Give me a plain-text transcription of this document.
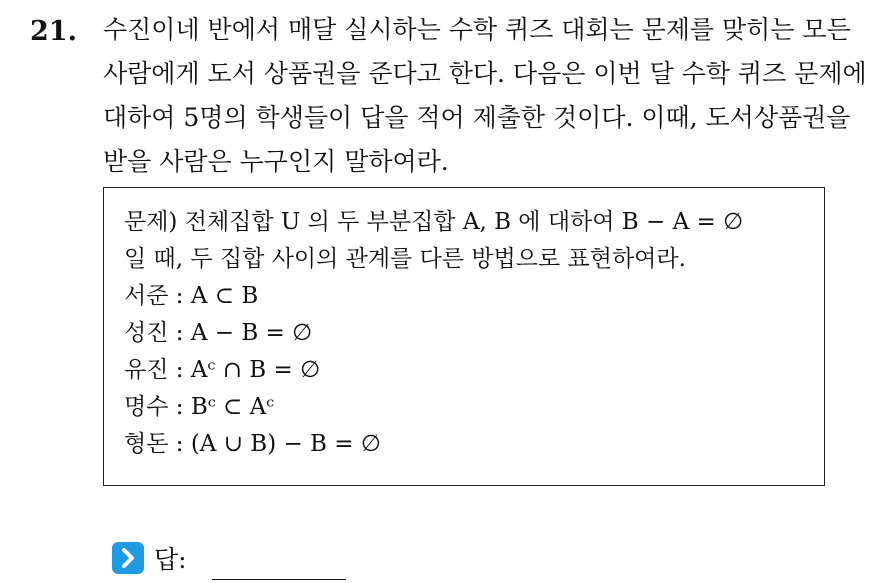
21. 수진이네 반에서 매달 실시하는 수학 퀴즈 대회는 문제를 맞히는 모든
사람에게 도서 상품권을 준다고 한다. 다음은 이번 달 수학 퀴즈 문제에
대하여 5명의 학생들이 답을 적어 제출한 것이다. 이때, 도서상품권을
받을 사람은 누구인지 말하여라.
문제) 전체집합 U 의 두 부분집합 A, B 에 대하여 B − A = ∅
일 때, 두 집합 사이의 관계를 다른 방법으로 표현하여라.
서준 : A ⊂ B
성진 : A − B = ∅
유진 : Aᶜ ∩ B = ∅
명수 : Bᶜ ⊂ Aᶜ
형돈 : (A ∪ B) − B = ∅
답:
